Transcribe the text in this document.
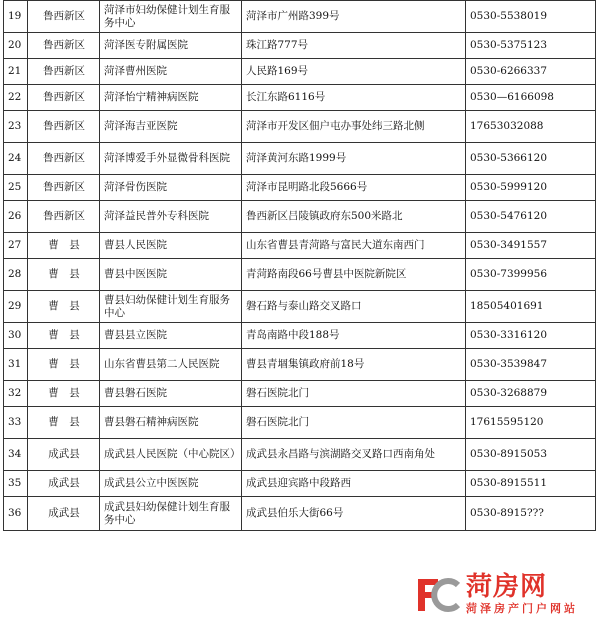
19	鲁西新区	菏泽市妇幼保健计划生育服务中心	菏泽市广州路399号	0530-5538019
20	鲁西新区	菏泽医专附属医院	珠江路777号	0530-5375123
21	鲁西新区	菏泽曹州医院	人民路169号	0530-6266337
22	鲁西新区	菏泽怡宁精神病医院	长江东路6116号	0530—6166098
23	鲁西新区	菏泽海吉亚医院	菏泽市开发区佃户屯办事处纬三路北侧	17653032088
24	鲁西新区	菏泽博爱手外显微骨科医院	菏泽黄河东路1999号	0530-5366120
25	鲁西新区	菏泽骨伤医院	菏泽市昆明路北段5666号	0530-5999120
26	鲁西新区	菏泽益民普外专科医院	鲁西新区吕陵镇政府东500米路北	0530-5476120
27	曹　县	曹县人民医院	山东省曹县青菏路与富民大道东南西门	0530-3491557
28	曹　县	曹县中医医院	青菏路南段66号曹县中医院新院区	0530-7399956
29	曹　县	曹县妇幼保健计划生育服务中心	磐石路与泰山路交叉路口	18505401691
30	曹　县	曹县县立医院	青岛南路中段188号	0530-3316120
31	曹　县	山东省曹县第二人民医院	曹县青堌集镇政府前18号	0530-3539847
32	曹　县	曹县磐石医院	磐石医院北门	0530-3268879
33	曹　县	曹县磐石精神病医院	磐石医院北门	17615595120
34	成武县	成武县人民医院（中心院区）	成武县永昌路与滨湖路交叉路口西南角处	0530-8915053
35	成武县	成武县公立中医医院	成武县迎宾路中段路西	0530-8915511
36	成武县	成武县妇幼保健计划生育服务中心	成武县伯乐大街66号	0530-8915???
菏房网
菏泽房产门户网站
